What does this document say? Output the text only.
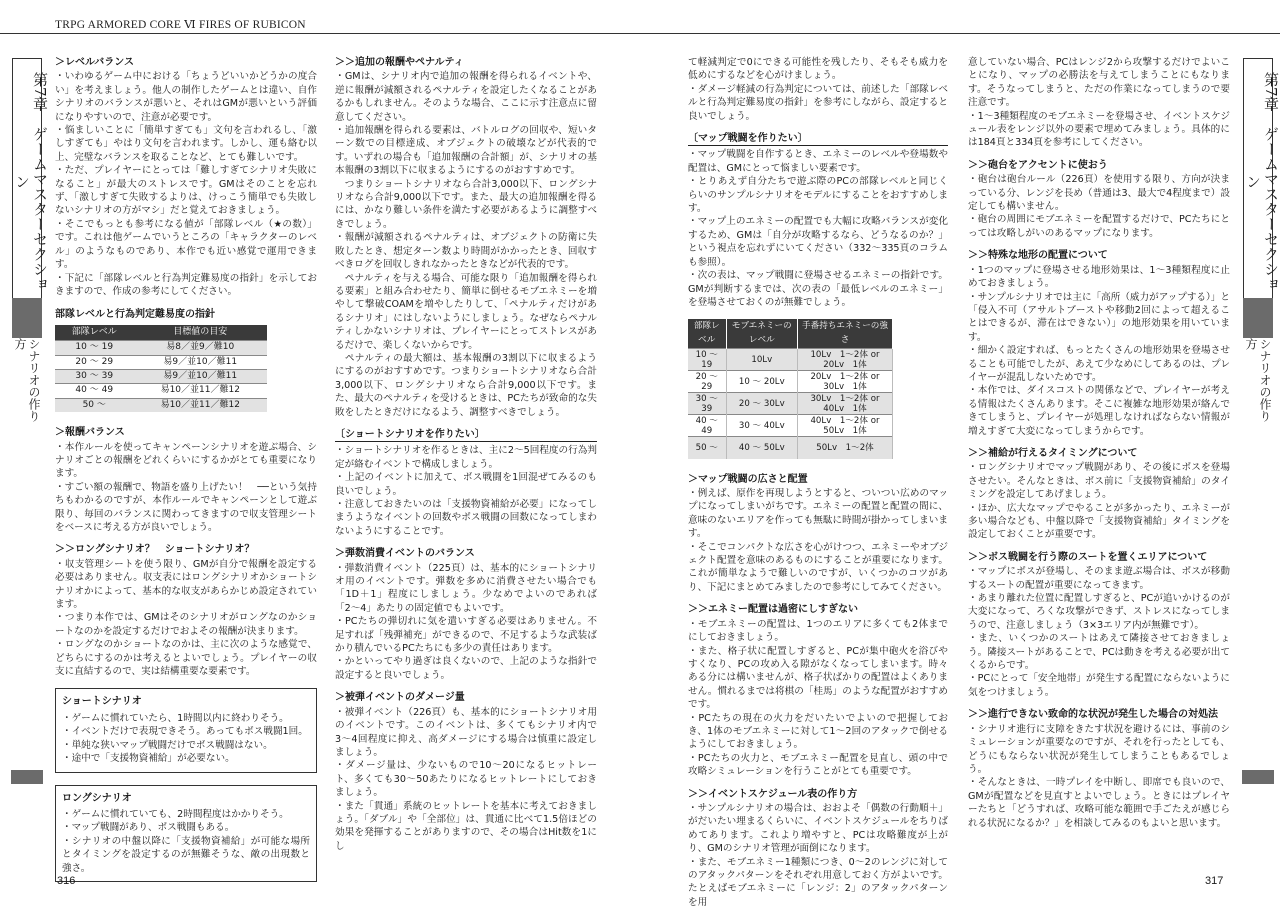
TRPG ARMORED CORE Ⅵ FIRES OF RUBICON
第7章　ゲームマスターセクション
シナリオの作り方
第7章　ゲームマスターセクション
シナリオの作り方
＞レベルバランス

・いわゆるゲーム中における「ちょうどいいかどうかの度合い」を考えましょう。他人の制作したゲームとは違い、自作シナリオのバランスが悪いと、それはGMが悪いという評価になりやすいので、注意が必要です。

・悩ましいことに「簡単すぎても」文句を言われるし、「激しすぎても」やはり文句を言われます。しかし、運も絡む以上、完璧なバランスを取ることなど、とても難しいです。

・ただ、プレイヤーにとっては「難しすぎてシナリオ失敗になること」が最大のストレスです。GMはそのことを忘れず、「激しすぎて失敗するよりは、けっこう簡単でも失敗しないシナリオの方がマシ」だと覚えておきましょう。

・そこでもっとも参考になる値が「部隊レベル（★の数）」です。これは他ゲームでいうところの「キャラクターのレベル」のようなものであり、本作でも近い感覚で運用できます。

・下記に「部隊レベルと行為判定難易度の指針」を示しておきますので、作成の参考にしてください。

部隊レベルと行為判定難易度の指針
部隊レベル	目標値の目安
10 〜 19	易8／並9／難10
20 〜 29	易9／並10／難11
30 〜 39	易9／並10／難11
40 〜 49	易10／並11／難12
50 〜	易10／並11／難12
＞報酬バランス

・本作ルールを使ってキャンペーンシナリオを遊ぶ場合、シナリオごとの報酬をどれくらいにするかがとても重要になります。

・すごい額の報酬で、物語を盛り上げたい！　──という気持ちもわかるのですが、本作ルールでキャンペーンとして遊ぶ限り、毎回のバランスに関わってきますので収支管理シートをベースに考える方が良いでしょう。

＞＞ロングシナリオ？　ショートシナリオ？

・収支管理シートを使う限り、GMが自分で報酬を設定する必要はありません。収支表にはロングシナリオかショートシナリオかによって、基本的な収支があらかじめ設定されています。

・つまり本作では、GMはそのシナリオがロングなのかショートなのかを設定するだけでおよその報酬が決まります。

・ロングなのかショートなのかは、主に次のような感覚で、どちらにするのかは考えるとよいでしょう。プレイヤーの収支に直結するので、実は結構重要な要素です。

ショートシナリオ

・ゲームに慣れていたら、1時間以内に終わりそう。

・イベントだけで表現できそう。あってもボス戦闘1回。

・単純な狭いマップ戦闘だけでボス戦闘はない。

・途中で「支援物資補給」が必要ない。

ロングシナリオ

・ゲームに慣れていても、2時間程度はかかりそう。

・マップ戦闘があり、ボス戦闘もある。

・シナリオの中盤以降に「支援物資補給」が可能な場所とタイミングを設定するのが無難そうな、敵の出現数と強さ。

＞＞追加の報酬やペナルティ

・GMは、シナリオ内で追加の報酬を得られるイベントや、逆に報酬が減額されるペナルティを設定したくなることがあるかもしれません。そのような場合、ここに示す注意点に留意してください。

・追加報酬を得られる要素は、バトルログの回収や、短いターン数での目標達成、オブジェクトの破壊などが代表的です。いずれの場合も「追加報酬の合計額」が、シナリオの基本報酬の3割以下に収まるようにするのがおすすめです。

　つまりショートシナリオなら合計3,000以下、ロングシナリオなら合計9,000以下です。また、最大の追加報酬を得るには、かなり難しい条件を満たす必要があるように調整すべきでしょう。

・報酬が減額されるペナルティは、オブジェクトの防衛に失敗したとき、想定ターン数より時間がかかったとき、回収すべきログを回収しきれなかったときなどが代表的です。

　ペナルティを与える場合、可能な限り「追加報酬を得られる要素」と組み合わせたり、簡単に倒せるモブエネミーを増やして撃破COAMを増やしたりして、「ペナルティだけがあるシナリオ」にはしないようにしましょう。なぜならペナルティしかないシナリオは、プレイヤーにとってストレスがあるだけで、楽しくないからです。

　ペナルティの最大額は、基本報酬の3割以下に収まるようにするのがおすすめです。つまりショートシナリオなら合計3,000以下、ロングシナリオなら合計9,000以下です。また、最大のペナルティを受けるときは、PCたちが致命的な失敗をしたときだけになるよう、調整すべきでしょう。

〔ショートシナリオを作りたい〕

・ショートシナリオを作るときは、主に2〜5回程度の行為判定が絡むイベントで構成しましょう。

・上記のイベントに加えて、ボス戦闘を1回混ぜてみるのも良いでしょう。

・注意しておきたいのは「支援物資補給が必要」になってしまうようなイベントの回数やボス戦闘の回数になってしまわないようにすることです。

＞弾数消費イベントのバランス

・弾数消費イベント（225頁）は、基本的にショートシナリオ用のイベントです。弾数を多めに消費させたい場合でも「1D＋1」程度にしましょう。少なめでよいのであれば「2〜4」あたりの固定値でもよいです。

・PCたちの弾切れに気を遣いすぎる必要はありません。不足すれば「残弾補充」ができるので、不足するような武装ばかり積んでいるPCたちにも多少の責任はあります。

・かといってやり過ぎは良くないので、上記のような指針で設定すると良いでしょう。

＞被弾イベントのダメージ量

・被弾イベント（226頁）も、基本的にショートシナリオ用のイベントです。このイベントは、多くてもシナリオ内で3〜4回程度に抑え、高ダメージにする場合は慎重に設定しましょう。

・ダメージ量は、少ないもので10〜20になるヒットレート、多くても30〜50あたりになるヒットレートにしておきましょう。

・また「貫通」系統のヒットレートを基本に考えておきましょう。「ダブル」や「全部位」は、貫通に比べて1.5倍ほどの効果を発揮することがありますので、その場合はHit数を1にし

て軽減判定で0にできる可能性を残したり、そもそも威力を低めにするなどを心がけましょう。

・ダメージ軽減の行為判定については、前述した「部隊レベルと行為判定難易度の指針」を参考にしながら、設定すると良いでしょう。

〔マップ戦闘を作りたい〕

・マップ戦闘を自作するとき、エネミーのレベルや登場数や配置は、GMにとって悩ましい要素です。

・とりあえず自分たちで遊ぶ際のPCの部隊レベルと同じくらいのサンプルシナリオをモデルにすることをおすすめします。

・マップ上のエネミーの配置でも大幅に攻略バランスが変化するため、GMは「自分が攻略するなら、どうなるのか？」という視点を忘れずにいてください（332〜335頁のコラムも参照）。

・次の表は、マップ戦闘に登場させるエネミーの指針です。GMが判断するまでは、次の表の「最低レベルのエネミー」を登場させておくのが無難でしょう。

部隊レベル	モブエネミーのレベル	手番持ちエネミーの強さ
10 〜 19	10Lv	10Lv　1〜2体 or 20Lv　1体
20 〜 29	10 〜 20Lv	20Lv　1〜2体 or 30Lv　1体
30 〜 39	20 〜 30Lv	30Lv　1〜2体 or 40Lv　1体
40 〜 49	30 〜 40Lv	40Lv　1〜2体 or 50Lv　1体
50 〜	40 〜 50Lv	50Lv　1〜2体
＞マップ戦闘の広さと配置

・例えば、原作を再現しようとすると、ついつい広めのマップになってしまいがちです。エネミーの配置と配置の間に、意味のないエリアを作っても無駄に時間が掛かってしまいます。

・そこでコンパクトな広さを心がけつつ、エネミーやオブジェクト配置を意味のあるものにすることが重要になります。これが簡単なようで難しいのですが、いくつかのコツがあり、下記にまとめてみましたので参考にしてみてください。

＞＞エネミー配置は過密にしすぎない

・モブエネミーの配置は、1つのエリアに多くても2体までにしておきましょう。

・また、格子状に配置しすぎると、PCが集中砲火を浴びやすくなり、PCの攻め入る隙がなくなってしまいます。時々ある分には構いませんが、格子状ばかりの配置はよくありません。慣れるまでは将棋の「桂馬」のような配置がおすすめです。

・PCたちの現在の火力をだいたいでよいので把握しておき、1体のモブエネミーに対して1〜2回のアタックで倒せるようにしておきましょう。

・PCたちの火力と、モブエネミー配置を見直し、頭の中で攻略シミュレーションを行うことがとても重要です。

＞＞イベントスケジュール表の作り方

・サンプルシナリオの場合は、おおよそ「偶数の行動順＋」がだいたい埋まるくらいに、イベントスケジュールをちりばめてあります。これより増やすと、PCは攻略難度が上がり、GMのシナリオ管理が面倒になります。

・また、モブエネミー1種類につき、0〜2のレンジに対してのアタックパターンをそれぞれ用意しておく方がよいです。たとえばモブエネミーに「レンジ：2」のアタックパターンを用

意していない場合、PCはレンジ2から攻撃するだけでよいことになり、マップの必勝法を与えてしまうことにもなります。そうなってしまうと、ただの作業になってしまうので要注意です。

・1〜3種類程度のモブエネミーを登場させ、イベントスケジュール表をレンジ以外の要素で埋めてみましょう。具体的には184頁と334頁を参考にしてください。

＞＞砲台をアクセントに使おう

・砲台は砲台ルール（226頁）を使用する限り、方向が決まっている分、レンジを長め（普通は3、最大で4程度まで）設定しても構いません。

・砲台の周囲にモブエネミーを配置するだけで、PCたちにとっては攻略しがいのあるマップになります。

＞＞特殊な地形の配置について

・1つのマップに登場させる地形効果は、1〜3種類程度に止めておきましょう。

・サンプルシナリオでは主に「高所（威力がアップする）」と「侵入不可（アサルトブーストや移動2回によって超えることはできるが、滞在はできない）」の地形効果を用いています。

・細かく設定すれば、もっとたくさんの地形効果を登場させることも可能でしたが、あえて少なめにしてあるのは、プレイヤーが混乱しないためです。

・本作では、ダイスコストの関係などで、プレイヤーが考える情報はたくさんあります。そこに複雑な地形効果が絡んできてしまうと、プレイヤーが処理しなければならない情報が増えすぎて大変になってしまうからです。

＞＞補給が行えるタイミングについて

・ロングシナリオでマップ戦闘があり、その後にボスを登場させたい。そんなときは、ボス前に「支援物資補給」のタイミングを設定してあげましょう。

・ほか、広大なマップでやることが多かったり、エネミーが多い場合なども、中盤以降で「支援物資補給」タイミングを設定しておくことが重要です。

＞＞ボス戦闘を行う際のスートを置くエリアについて

・マップにボスが登場し、そのまま遊ぶ場合は、ボスが移動するスートの配置が重要になってきます。

・あまり離れた位置に配置しすぎると、PCが追いかけるのが大変になって、ろくな攻撃ができず、ストレスになってしまうので、注意しましょう（3×3エリア内が無難です）。

・また、いくつかのスートはあえて隣接させておきましょう。隣接スートがあることで、PCは動きを考える必要が出てくるからです。

・PCにとって「安全地帯」が発生する配置にならないように気をつけましょう。

＞＞進行できない致命的な状況が発生した場合の対処法

・シナリオ進行に支障をきたす状況を避けるには、事前のシミュレーションが重要なのですが、それを行ったとしても、どうにもならない状況が発生してしまうこともあるでしょう。

・そんなときは、一時プレイを中断し、即席でも良いので、GMが配置などを見直すとよいでしょう。ときにはプレイヤーたちと「どうすれば、攻略可能な範囲で手ごたえが感じられる状況になるか？」を相談してみるのもよいと思います。

316	317
